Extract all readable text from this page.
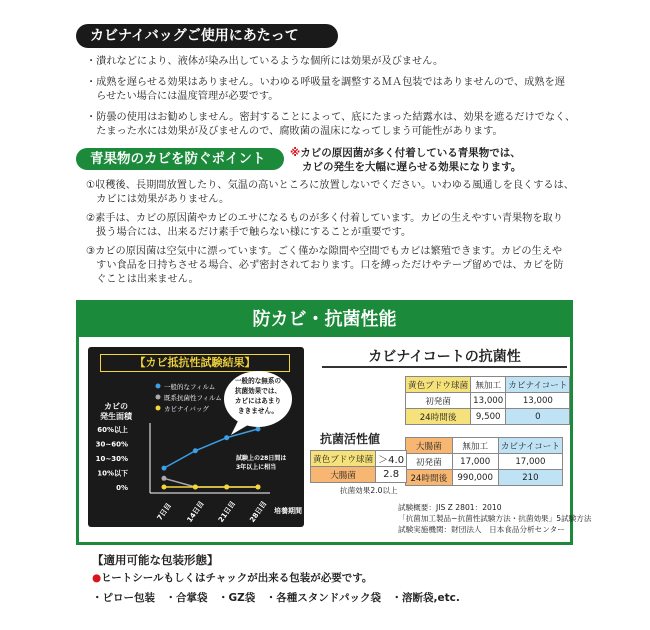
カビナイバッグご使用にあたって
・潰れなどにより、液体が染み出しているような個所には効果が及びません。
・成熟を遅らせる効果はありません。いわゆる呼吸量を調整するＭＡ包装ではありませんので、成熟を遅
　らせたい場合には温度管理が必要です。
・防曇の使用はお勧めしません。密封することによって、底にたまった結露水は、効果を遮るだけでなく、
　たまった水には効果が及びませんので、腐敗菌の温床になってしまう可能性があります。
青果物のカビを防ぐポイント	※カビの原因菌が多く付着している青果物では、
カビの発生を大幅に遅らせる効果になります。
①収穫後、長期間放置したり、気温の高いところに放置しないでください。いわゆる風通しを良くするは、
　カビには効果がありません。
②素手は、カビの原因菌やカビのエサになるものが多く付着しています。カビの生えやすい青果物を取り
　扱う場合には、出来るだけ素手で触らない様にすることが重要です。
③カビの原因菌は空気中に漂っています。ごく僅かな隙間や空間でもカビは繁殖できます。カビの生えや
　すい食品を日持ちさせる場合、必ず密封されております。口を縛っただけやテープ留めでは、カビを防
　ぐことは出来ません。
防カビ・抗菌性能
【カビ抵抗性試験結果】
カビの
発生面積
60%以上
30~60%
10~30%
10%以下
0%
7日目 14日目 21日目 28日目 培養期間
一般的なフィルム
既系抗菌性フィルム
カビナイバッグ
一般的な無系の
抗菌効果では、
カビにはあまり
ききません。
試験上の28日間は
3年以上に相当
カビナイコートの抗菌性
黄色ブドウ球菌	無加工	カビナイコート
初発菌	13,000	13,000
24時間後	9,500	0
大腸菌	無加工	カビナイコート
初発菌	17,000	17,000
24時間後	990,000	210
抗菌活性値
黄色ブドウ球菌	＞4.0
大腸菌	2.8
抗菌効果2.0以上
試験概要：JIS Z 2801：2010
「抗菌加工製品−抗菌性試験方法・抗菌効果」5試験方法
試験実施機関：財団法人　日本食品分析センター
【適用可能な包装形態】
●ヒートシールもしくはチャックが出来る包装が必要です。
・ピロー包装　・合掌袋　・GZ袋　・各種スタンドパック袋　・溶断袋,etc.
